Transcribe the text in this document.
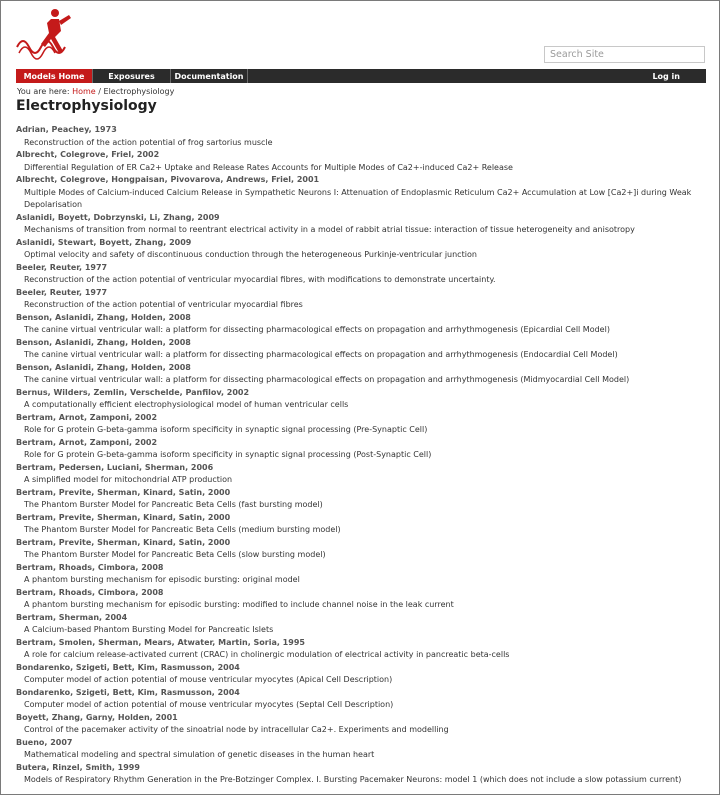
Search Site
Models Home	Exposures	Documentation	Log in
You are here: Home / Electrophysiology
Electrophysiology
Adrian, Peachey, 1973
Reconstruction of the action potential of frog sartorius muscle
Albrecht, Colegrove, Friel, 2002
Differential Regulation of ER Ca2+ Uptake and Release Rates Accounts for Multiple Modes of Ca2+-induced Ca2+ Release
Albrecht, Colegrove, Hongpaisan, Pivovarova, Andrews, Friel, 2001
Multiple Modes of Calcium-induced Calcium Release in Sympathetic Neurons I: Attenuation of Endoplasmic Reticulum Ca2+ Accumulation at Low [Ca2+]i during Weak Depolarisation
Aslanidi, Boyett, Dobrzynski, Li, Zhang, 2009
Mechanisms of transition from normal to reentrant electrical activity in a model of rabbit atrial tissue: interaction of tissue heterogeneity and anisotropy
Aslanidi, Stewart, Boyett, Zhang, 2009
Optimal velocity and safety of discontinuous conduction through the heterogeneous Purkinje-ventricular junction
Beeler, Reuter, 1977
Reconstruction of the action potential of ventricular myocardial fibres, with modifications to demonstrate uncertainty.
Beeler, Reuter, 1977
Reconstruction of the action potential of ventricular myocardial fibres
Benson, Aslanidi, Zhang, Holden, 2008
The canine virtual ventricular wall: a platform for dissecting pharmacological effects on propagation and arrhythmogenesis (Epicardial Cell Model)
Benson, Aslanidi, Zhang, Holden, 2008
The canine virtual ventricular wall: a platform for dissecting pharmacological effects on propagation and arrhythmogenesis (Endocardial Cell Model)
Benson, Aslanidi, Zhang, Holden, 2008
The canine virtual ventricular wall: a platform for dissecting pharmacological effects on propagation and arrhythmogenesis (Midmyocardial Cell Model)
Bernus, Wilders, Zemlin, Verschelde, Panfilov, 2002
A computationally efficient electrophysiological model of human ventricular cells
Bertram, Arnot, Zamponi, 2002
Role for G protein G-beta-gamma isoform specificity in synaptic signal processing (Pre-Synaptic Cell)
Bertram, Arnot, Zamponi, 2002
Role for G protein G-beta-gamma isoform specificity in synaptic signal processing (Post-Synaptic Cell)
Bertram, Pedersen, Luciani, Sherman, 2006
A simplified model for mitochondrial ATP production
Bertram, Previte, Sherman, Kinard, Satin, 2000
The Phantom Burster Model for Pancreatic Beta Cells (fast bursting model)
Bertram, Previte, Sherman, Kinard, Satin, 2000
The Phantom Burster Model for Pancreatic Beta Cells (medium bursting model)
Bertram, Previte, Sherman, Kinard, Satin, 2000
The Phantom Burster Model for Pancreatic Beta Cells (slow bursting model)
Bertram, Rhoads, Cimbora, 2008
A phantom bursting mechanism for episodic bursting: original model
Bertram, Rhoads, Cimbora, 2008
A phantom bursting mechanism for episodic bursting: modified to include channel noise in the leak current
Bertram, Sherman, 2004
A Calcium-based Phantom Bursting Model for Pancreatic Islets
Bertram, Smolen, Sherman, Mears, Atwater, Martin, Soria, 1995
A role for calcium release-activated current (CRAC) in cholinergic modulation of electrical activity in pancreatic beta-cells
Bondarenko, Szigeti, Bett, Kim, Rasmusson, 2004
Computer model of action potential of mouse ventricular myocytes (Apical Cell Description)
Bondarenko, Szigeti, Bett, Kim, Rasmusson, 2004
Computer model of action potential of mouse ventricular myocytes (Septal Cell Description)
Boyett, Zhang, Garny, Holden, 2001
Control of the pacemaker activity of the sinoatrial node by intracellular Ca2+. Experiments and modelling
Bueno, 2007
Mathematical modeling and spectral simulation of genetic diseases in the human heart
Butera, Rinzel, Smith, 1999
Models of Respiratory Rhythm Generation in the Pre-Botzinger Complex. I. Bursting Pacemaker Neurons: model 1 (which does not include a slow potassium current)
